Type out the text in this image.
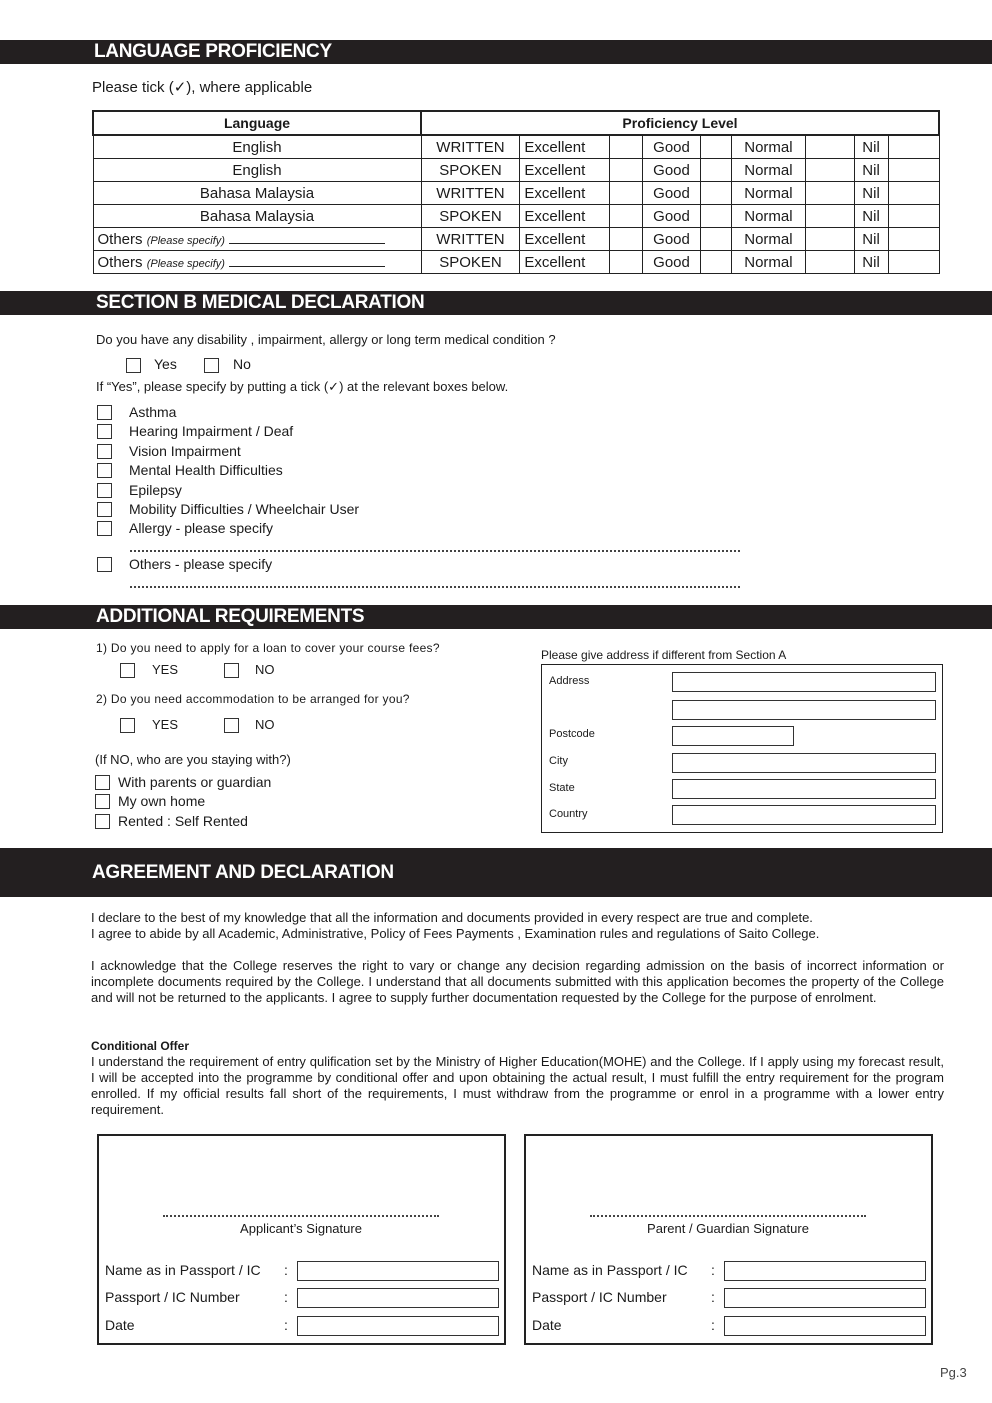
LANGUAGE PROFICIENCY
Please tick (✓), where applicable
Language	Proficiency Level								
English	WRITTEN	Excellent		Good		Normal		Nil	
English	SPOKEN	Excellent		Good		Normal		Nil	
Bahasa Malaysia	WRITTEN	Excellent		Good		Normal		Nil	
Bahasa Malaysia	SPOKEN	Excellent		Good		Normal		Nil	
Others (Please specify)	WRITTEN	Excellent		Good		Normal		Nil	
Others (Please specify)	SPOKEN	Excellent		Good		Normal		Nil	
SECTION B MEDICAL DECLARATION
Do you have any disability , impairment, allergy or long term medical condition ?
Yes	No
If “Yes”, please specify by putting a tick (✓) at the relevant boxes below.
Asthma
Hearing Impairment / Deaf
Vision Impairment
Mental Health Difficulties
Epilepsy
Mobility Difficulties / Wheelchair User
Allergy - please specify
Others - please specify
ADDITIONAL REQUIREMENTS
1) Do you need to apply for a loan to cover your course fees?
YES	NO
2) Do you need accommodation to be arranged for you?
YES	NO
(If NO, who are you staying with?)
With parents or guardian
My own home
Rented : Self Rented
Please give address if different from Section A
Address
Postcode
City
State
Country
AGREEMENT AND DECLARATION
I declare to the best of my knowledge that all the information and documents provided in every respect are true and complete.
I agree to abide by all Academic, Administrative, Policy of Fees Payments , Examination rules and regulations of Saito College.
I acknowledge that the College reserves the right to vary or change any decision regarding admission on the basis of incorrect information or incomplete documents required by the College. I understand that all documents submitted with this application becomes the property of the College and will not be returned to the applicants. I agree to supply further documentation requested by the College for the purpose of enrolment.
Conditional Offer
I understand the requirement of entry qulification set by the Ministry of Higher Education(MOHE) and the College. If I apply using my forecast result, I will be accepted into the programme by conditional offer and upon obtaining the actual result, I must fulfill the entry requirement for the program enrolled. If my official results fall short of the requirements, I must withdraw from the programme or enrol in a programme with a lower entry requirement.
Applicant’s Signature
Name as in Passport / IC :
Passport / IC Number	:
Date	:
Parent / Guardian Signature
Name as in Passport / IC :
Passport / IC Number	:
Date	:
Pg.3
